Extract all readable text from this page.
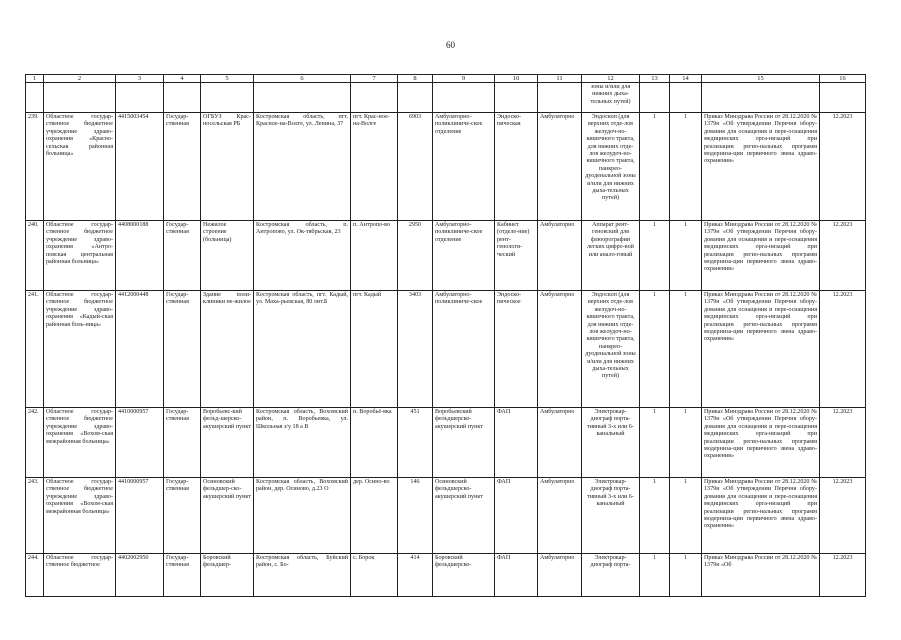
60
1	2	3	4	5	6	7	8	9	10	11	12	13	14	15	16
											зоны и/или для нижних дыха-тельных путей)				
239.	Областное государ-ственное бюджетное учреждение здраво-охранения «Красно-сельская районная больница»	4415003454	Государ-ственная	ОГБУЗ Крас-носельская РБ	Костромская область, пгт. Красное-на-Волге, ул. Ленина, 37	пгт. Крас-ное-на-Волге	6903	Амбулаторно-поликлиниче-ское отделение	Эндоско-пическая	Амбулаторно	Эндоскоп (для верхних отде-лов желудоч-но-кишечного тракта, для нижних отде-лов желудоч-но-кишечного тракта, панкрео-дуоденальной зоны и/или для нижних дыха-тельных путей)	1	1	Приказ Минздрава России от 28.12.2020 № 1379н «Об утверждении Перечня обору-дования для оснащения и пере-оснащения медицинских орга-низаций при реализации регио-нальных программ модерниза-ции первичного звена здраво-охранения»	12.2023
240.	Областное государ-ственное бюджетное учреждение здраво-охранения «Антро-повская центральная районная больница»	4408000188	Государ-ственная	Нежилое строение (больница)	Костромская область, п. Антропово, ул. Ок-тябрьская, 23	п. Антропо-во	2950	Амбулаторно-поликлиниче-ское отделение	Кабинет (отделе-ние) рент-генологи-ческий	Амбулаторно	Аппарат рент-геновский для флюорографии легких цифро-вой или анало-говый	1	1	Приказ Минздрава России от 28.12.2020 № 1379н «Об утверждении Перечня обору-дования для оснащения и пере-оснащения медицинских орга-низаций при реализации регио-нальных программ модерниза-ции первичного звена здраво-охранения»	12.2023
241.	Областное государ-ственное бюджетное учреждение здраво-охранения «Кадый-ская районная боль-ница»	4412000448	Государ-ственная	Здание поли-клиники не-жилое	Костромская область, пгт. Кадый, ул. Маха-рьевская, 80 лит.Б	пгт. Кадый	3403	Амбулаторно-поликлиниче-ское	Эндоско-пическое	Амбулаторно	Эндоскоп (для верхних отде-лов желудоч-но-кишечного тракта, для нижних отде-лов желудоч-но-кишечного тракта, панкрео-дуоденальной зоны и/или для нижних дыха-тельных путей)	1	1	Приказ Минздрава России от 28.12.2020 № 1379н «Об утверждении Перечня обору-дования для оснащения и пере-оснащения медицинских орга-низаций при реализации регио-нальных программ модерниза-ции первичного звена здраво-охранения»	12.2023
242.	Областное государ-ственное бюджетное учреждение здраво-охранения «Вохом-ская межрайонная больница»	4410000957	Государ-ственная	Воробьевс-кий фельд-шерско-акушерский пункт	Костромская область, Вохомский район, п. Воробьевка, ул. Школьная з/у 18 а В	п. Воробьё-вка	451	Воробьевский фельдшерско-акушерский пункт	ФАП	Амбулаторно	Электрокар-диограф порта-тивный 3-х или 6-канальный	1	1	Приказ Минздрава России от 28.12.2020 № 1379н «Об утверждении Перечня обору-дования для оснащения и пере-оснащения медицинских орга-низаций при реализации регио-нальных программ модерниза-ции первичного звена здраво-охранения»	12.2023
243.	Областное государ-ственное бюджетное учреждение здраво-охранения «Вохом-ская межрайонная больница»	4410000957	Государ-ственная	Осиновский фельдшер-ско-акушерский пункт	Костромская область, Вохомский район, дер. Осиново, д.23 О	дер. Осино-во	146	Осиновский фельдшерско-акушерский пункт	ФАП	Амбулаторно	Электрокар-диограф порта-тивный 3-х или 6-канальный	1	1	Приказ Минздрава России от 28.12.2020 № 1379н «Об утверждении Перечня обору-дования для оснащения и пере-оснащения медицинских орга-низаций при реализации регио-нальных программ модерниза-ции первичного звена здраво-охранения»	12.2023
244.	Областное государ-ственное бюджетное	4402002950	Государ-ственная	Боровский фельдшер-	Костромская область, Буйский район, с. Бо-	с. Борок	414	Боровский фельдшерско-	ФАП	Амбулаторно	Электрокар-диограф порта-	1	1	Приказ Минздрава России от 28.12.2020 № 1379н «Об	12.2023
